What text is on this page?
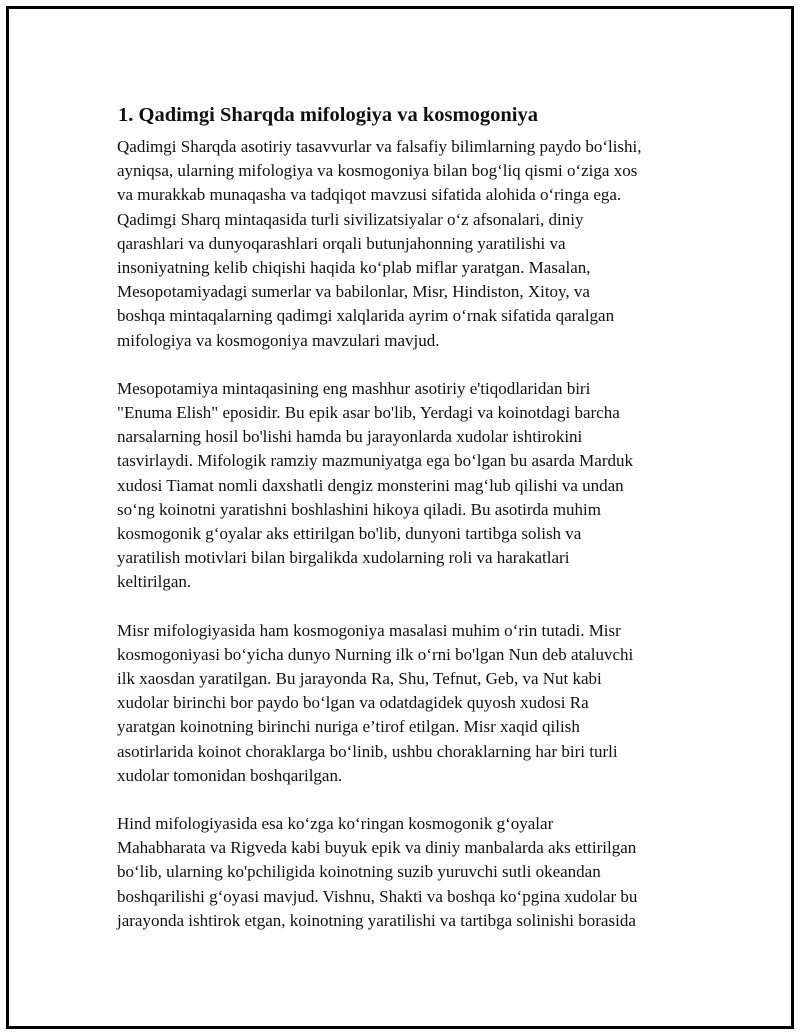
1. Qadimgi Sharqda mifologiya va kosmogoniya
Qadimgi Sharqda asotiriy tasavvurlar va falsafiy bilimlarning paydo bo‘lishi,
ayniqsa, ularning mifologiya va kosmogoniya bilan bog‘liq qismi o‘ziga xos
va murakkab munaqasha va tadqiqot mavzusi sifatida alohida o‘ringa ega.
Qadimgi Sharq mintaqasida turli sivilizatsiyalar o‘z afsonalari, diniy
qarashlari va dunyoqarashlari orqali butunjahonning yaratilishi va
insoniyatning kelib chiqishi haqida ko‘plab miflar yaratgan. Masalan,
Mesopotamiyadagi sumerlar va babilonlar, Misr, Hindiston, Xitoy, va
boshqa mintaqalarning qadimgi xalqlarida ayrim o‘rnak sifatida qaralgan
mifologiya va kosmogoniya mavzulari mavjud.
Mesopotamiya mintaqasining eng mashhur asotiriy e'tiqodlaridan biri
"Enuma Elish" eposidir. Bu epik asar bo'lib, Yerdagi va koinotdagi barcha
narsalarning hosil bo'lishi hamda bu jarayonlarda xudolar ishtirokini
tasvirlaydi. Mifologik ramziy mazmuniyatga ega bo‘lgan bu asarda Marduk
xudosi Tiamat nomli daxshatli dengiz monsterini mag‘lub qilishi va undan
so‘ng koinotni yaratishni boshlashini hikoya qiladi. Bu asotirda muhim
kosmogonik g‘oyalar aks ettirilgan bo'lib, dunyoni tartibga solish va
yaratilish motivlari bilan birgalikda xudolarning roli va harakatlari
keltirilgan.
Misr mifologiyasida ham kosmogoniya masalasi muhim o‘rin tutadi. Misr
kosmogoniyasi bo‘yicha dunyo Nurning ilk o‘rni bo'lgan Nun deb ataluvchi
ilk xaosdan yaratilgan. Bu jarayonda Ra, Shu, Tefnut, Geb, va Nut kabi
xudolar birinchi bor paydo bo‘lgan va odatdagidek quyosh xudosi Ra
yaratgan koinotning birinchi nuriga e’tirof etilgan. Misr xaqid qilish
asotirlarida koinot choraklarga bo‘linib, ushbu choraklarning har biri turli
xudolar tomonidan boshqarilgan.
Hind mifologiyasida esa ko‘zga ko‘ringan kosmogonik g‘oyalar
Mahabharata va Rigveda kabi buyuk epik va diniy manbalarda aks ettirilgan
bo‘lib, ularning ko'pchiligida koinotning suzib yuruvchi sutli okeandan
boshqarilishi g‘oyasi mavjud. Vishnu, Shakti va boshqa ko‘pgina xudolar bu
jarayonda ishtirok etgan, koinotning yaratilishi va tartibga solinishi borasida
